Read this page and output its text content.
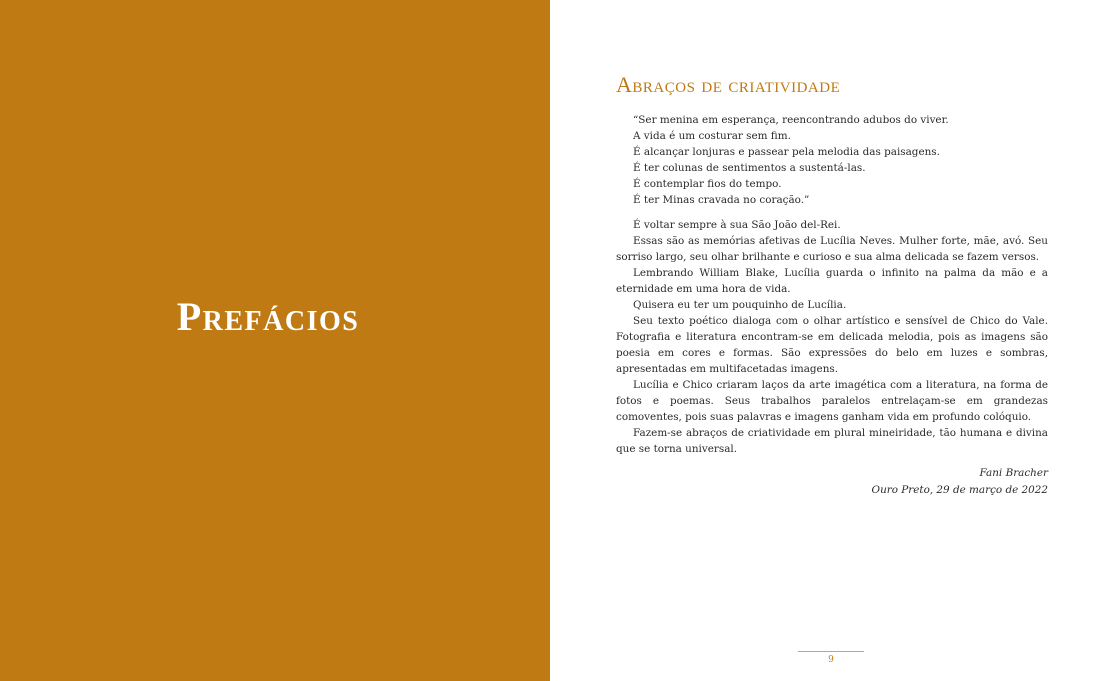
Prefácios
Abraços de criatividade

“Ser menina em esperança, reencontrando adubos do viver.

A vida é um costurar sem fim.

É alcançar lonjuras e passear pela melodia das paisagens.

É ter colunas de sentimentos a sustentá-las.

É contemplar fios do tempo.

É ter Minas cravada no coração.”

É voltar sempre à sua São João del-Rei.

Essas são as memórias afetivas de Lucília Neves. Mulher forte, mãe, avó. Seu sorriso largo, seu olhar brilhante e curioso e sua alma delicada se fazem versos.

Lembrando William Blake, Lucília guarda o infinito na palma da mão e a eternidade em uma hora de vida.

Quisera eu ter um pouquinho de Lucília.

Seu texto poético dialoga com o olhar artístico e sensível de Chico do Vale. Fotografia e literatura encontram-se em delicada melodia, pois as imagens são poesia em cores e formas. São expressões do belo em luzes e sombras, apresentadas em multifacetadas imagens.

Lucília e Chico criaram laços da arte imagética com a literatura, na forma de fotos e poemas. Seus trabalhos paralelos entrelaçam-se em grandezas comoventes, pois suas palavras e imagens ganham vida em profundo colóquio.

Fazem-se abraços de criatividade em plural mineiridade, tão humana e divina que se torna universal.

Fani Bracher

Ouro Preto, 29 de março de 2022

9
